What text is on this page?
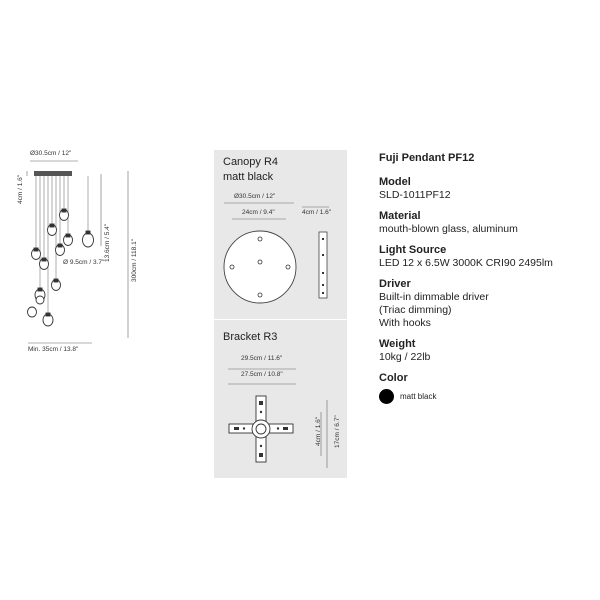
Ø30.5cm / 12"
4cm / 1.6"
13.6cm / 5.4"
Ø 9.5cm / 3.7"	300cm / 118.1"
Min. 35cm / 13.8"
Canopy R4
matt black
Ø30.5cm / 12"
24cm / 9.4"	4cm / 1.6"
Bracket R3
29.5cm / 11.6"
27.5cm / 10.8"
4cm / 1.6" 17cm / 6.7"
Fuji Pendant PF12
Model
SLD-1011PF12
Material
mouth-blown glass, aluminum
Light Source
LED 12 x 6.5W 3000K CRI90 2495lm
Driver
Built-in dimmable driver
(Triac dimming)
With hooks
Weight
10kg / 22lb
Color
matt black
